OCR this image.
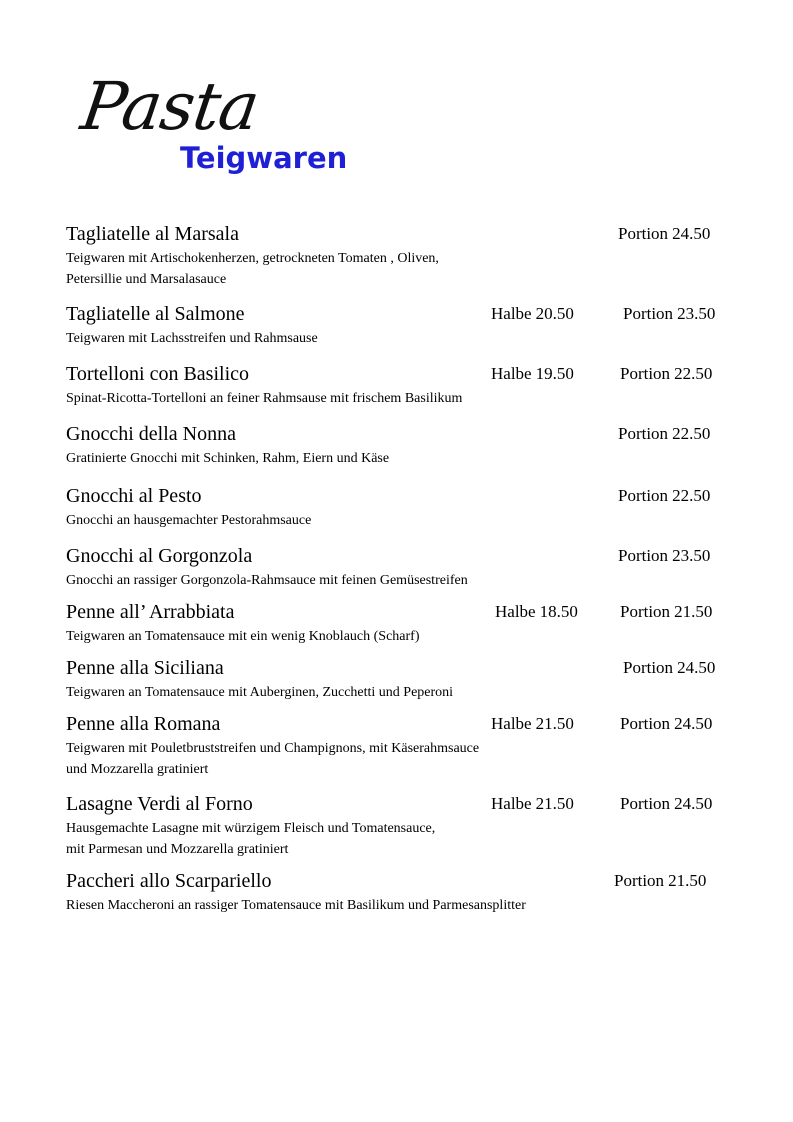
Pasta
Teigwaren
Tagliatelle al Marsala
Teigwaren mit Artischokenherzen, getrockneten Tomaten , Oliven,
Petersillie und Marsalasauce
Portion 24.50
Tagliatelle al Salmone
Teigwaren mit Lachsstreifen und Rahmsause
Halbe 20.50	Portion 23.50
Tortelloni con Basilico
Spinat-Ricotta-Tortelloni an feiner Rahmsause mit frischem Basilikum
Halbe 19.50	Portion 22.50
Gnocchi della Nonna
Gratinierte Gnocchi mit Schinken, Rahm, Eiern und Käse
Portion 22.50
Gnocchi al Pesto
Gnocchi an hausgemachter Pestorahmsauce
Portion 22.50
Gnocchi al Gorgonzola
Gnocchi an rassiger Gorgonzola-Rahmsauce mit feinen Gemüsestreifen
Portion 23.50
Penne all’ Arrabbiata
Teigwaren an Tomatensauce mit ein wenig Knoblauch (Scharf)
Halbe 18.50 Portion 21.50
Penne alla Siciliana
Teigwaren an Tomatensauce mit Auberginen, Zucchetti und Peperoni
Portion 24.50
Penne alla Romana
Teigwaren mit Pouletbruststreifen und Champignons, mit Käserahmsauce
und Mozzarella gratiniert
Halbe 21.50	Portion 24.50
Lasagne Verdi al Forno
Hausgemachte Lasagne mit würzigem Fleisch und Tomatensauce,
mit Parmesan und Mozzarella gratiniert
Halbe 21.50	Portion 24.50
Paccheri allo Scarpariello
Riesen Maccheroni an rassiger Tomatensauce mit Basilikum und Parmesansplitter
Portion 21.50
